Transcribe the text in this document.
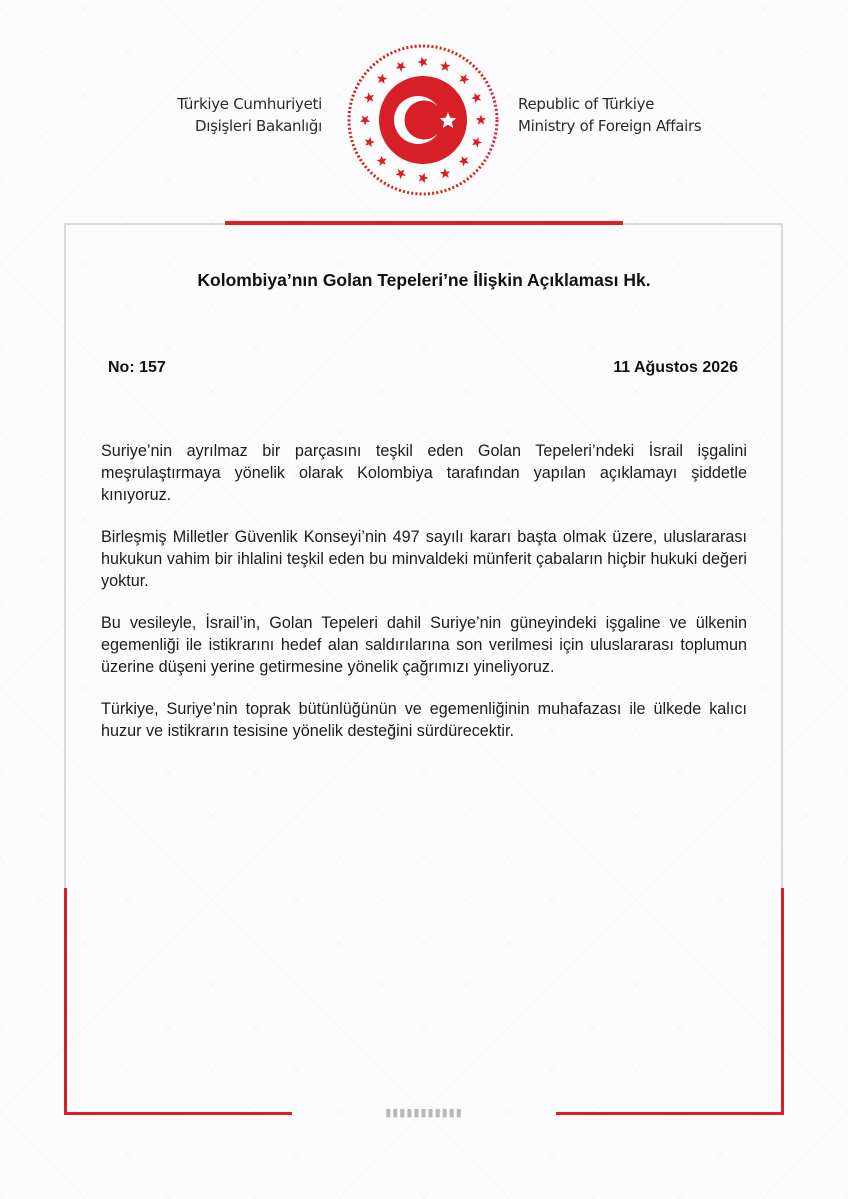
Türkiye Cumhuriyeti
Dışişleri Bakanlığı
Republic of Türkiye
Ministry of Foreign Affairs
▮▮▮▮▮▮▮▮▮▮▮
Kolombiya’nın Golan Tepeleri’ne İlişkin Açıklaması Hk.
No: 157	11 Ağustos 2026

Suriye’nin ayrılmaz bir parçasını teşkil eden Golan Tepeleri’ndeki İsrail işgalini meşrulaştırmaya yönelik olarak Kolombiya tarafından yapılan açıklamayı şiddetle kınıyoruz.

Birleşmiş Milletler Güvenlik Konseyi’nin 497 sayılı kararı başta olmak üzere, uluslararası hukukun vahim bir ihlalini teşkil eden bu minvaldeki münferit çabaların hiçbir hukuki değeri yoktur.

Bu vesileyle, İsrail’in, Golan Tepeleri dahil Suriye’nin güneyindeki işgaline ve ülkenin egemenliği ile istikrarını hedef alan saldırılarına son verilmesi için uluslararası toplumun üzerine düşeni yerine getirmesine yönelik çağrımızı yineliyoruz.

Türkiye, Suriye’nin toprak bütünlüğünün ve egemenliğinin muhafazası ile ülkede kalıcı huzur ve istikrarın tesisine yönelik desteğini sürdürecektir.
